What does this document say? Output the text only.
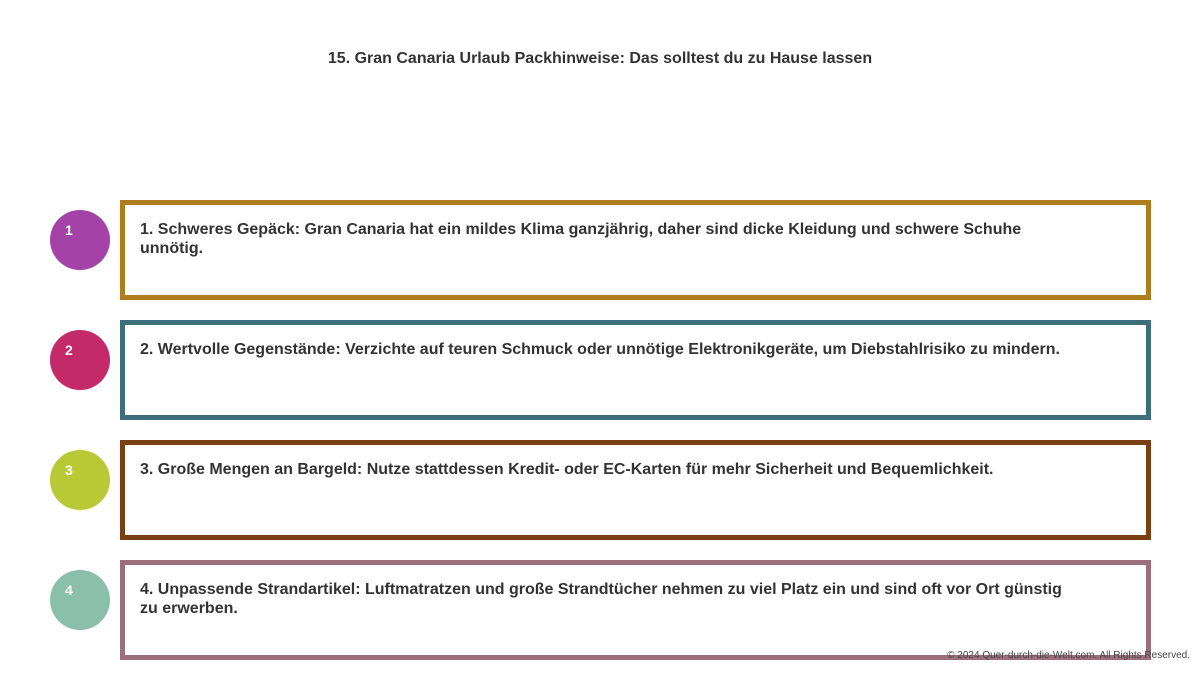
15. Gran Canaria Urlaub Packhinweise: Das solltest du zu Hause lassen
1	1. Schweres Gepäck: Gran Canaria hat ein mildes Klima ganzjährig, daher sind dicke Kleidung und schwere Schuhe unnötig.
2	2. Wertvolle Gegenstände: Verzichte auf teuren Schmuck oder unnötige Elektronikgeräte, um Diebstahlrisiko zu mindern.
3	3. Große Mengen an Bargeld: Nutze stattdessen Kredit- oder EC-Karten für mehr Sicherheit und Bequemlichkeit.
4	4. Unpassende Strandartikel: Luftmatratzen und große Strandtücher nehmen zu viel Platz ein und sind oft vor Ort günstig zu erwerben.
© 2024 Quer-durch-die-Welt.com. All Rights Reserved.
